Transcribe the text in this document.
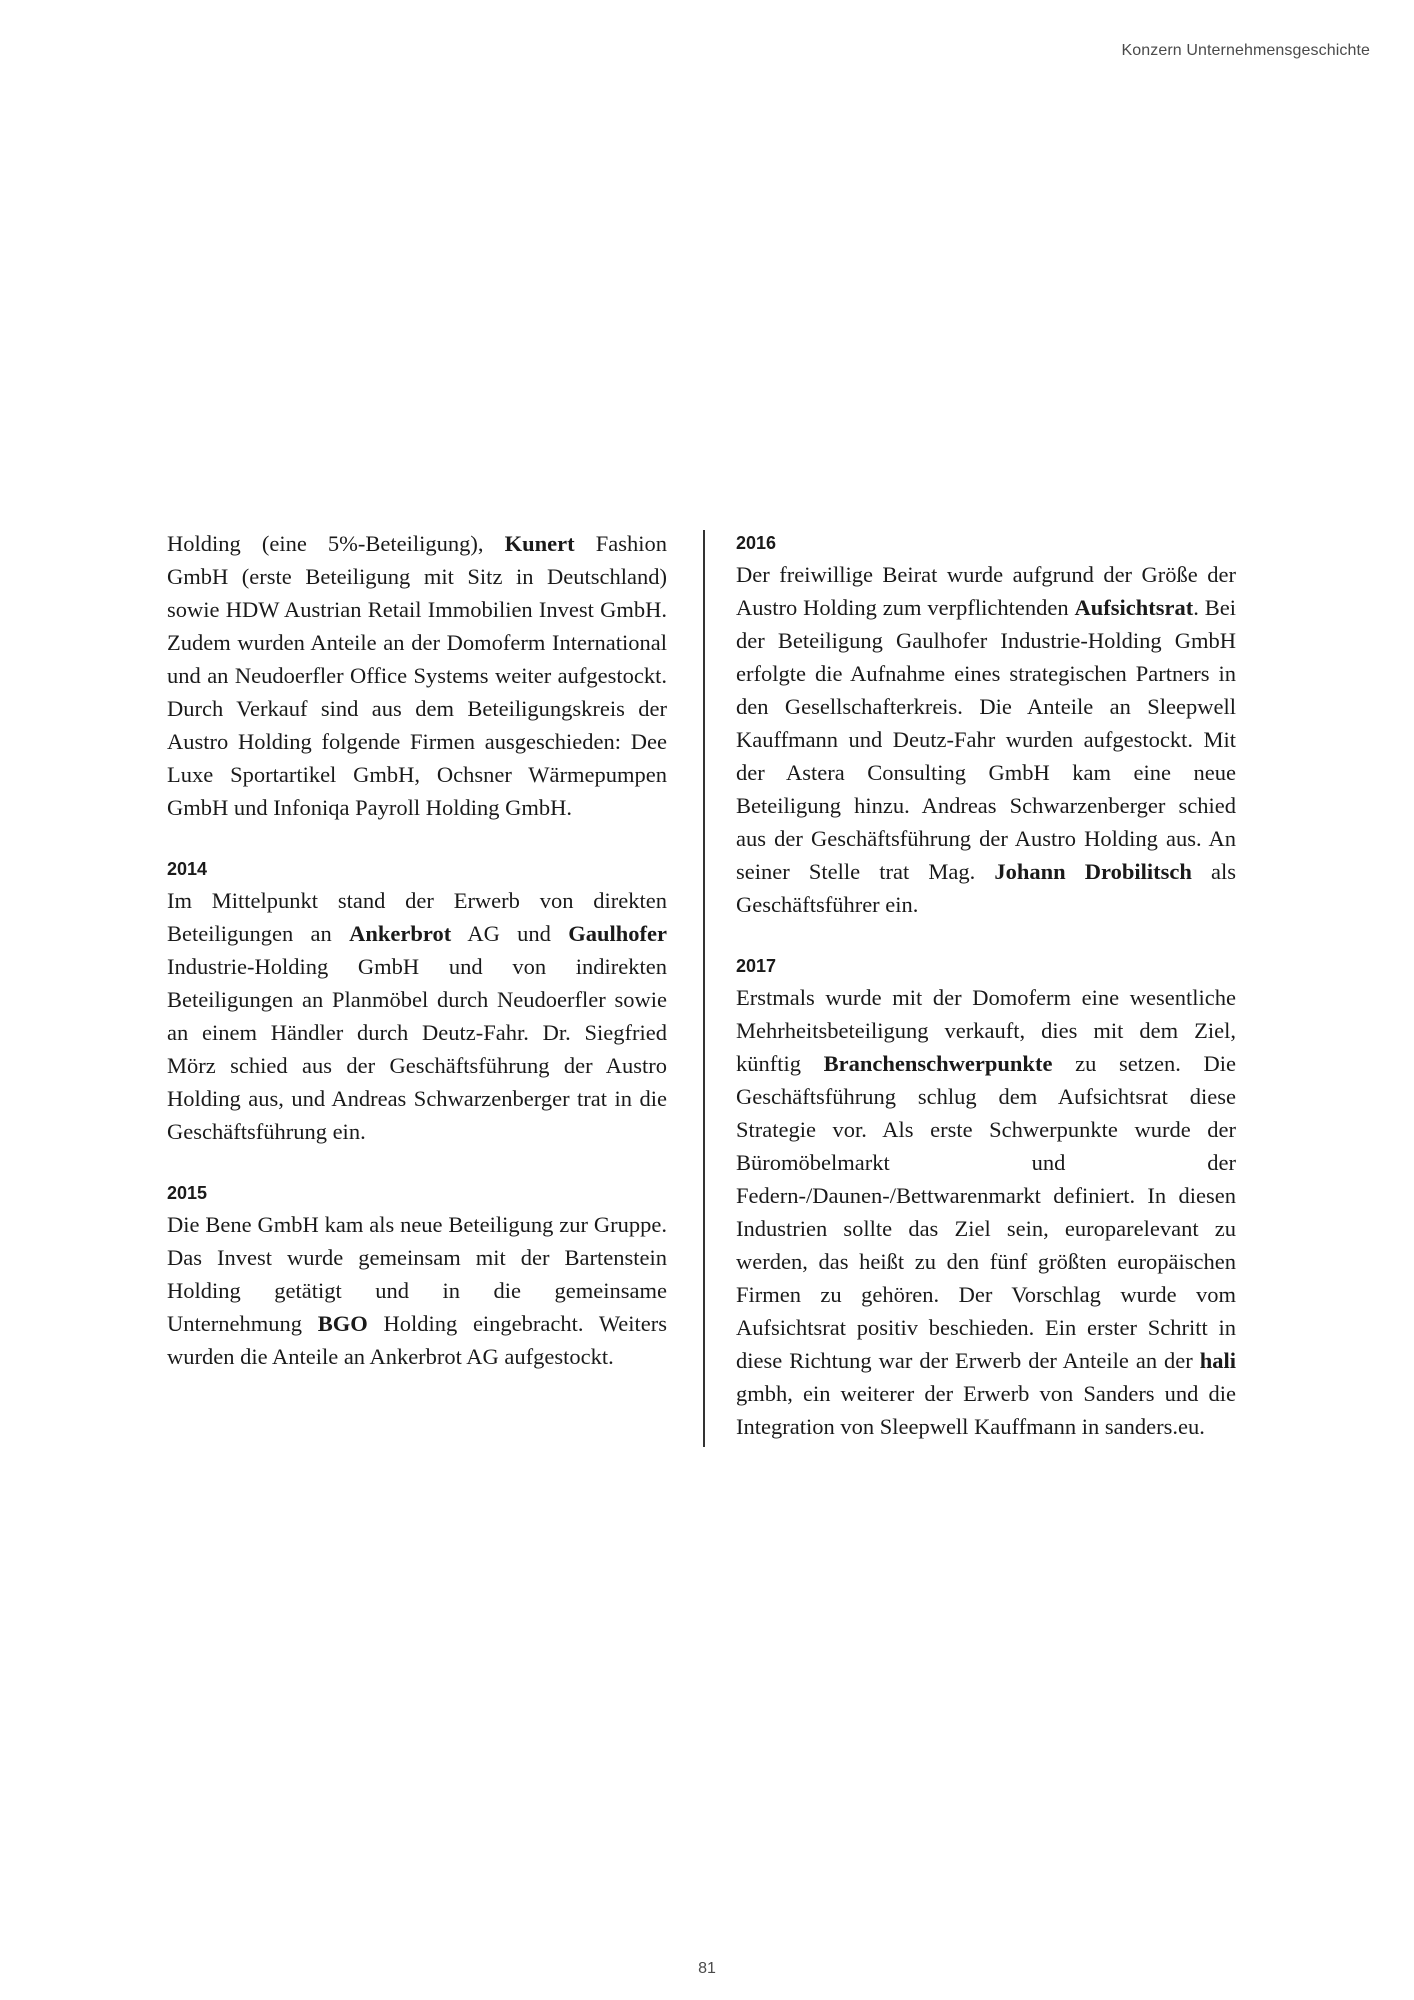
Konzern Unternehmensgeschichte

Holding (eine 5%-Beteiligung), Kunert Fashion GmbH (erste Beteiligung mit Sitz in Deutschland) sowie HDW Austrian Retail Immobilien Invest GmbH. Zudem wurden Anteile an der Domoferm International und an Neudoerfler Office Systems weiter aufgestockt. Durch Verkauf sind aus dem Beteiligungskreis der Austro Holding folgende Firmen ausgeschieden: Dee Luxe Sportartikel GmbH, Ochsner Wärmepumpen GmbH und Infoniqa Payroll Holding GmbH.

2014

Im Mittelpunkt stand der Erwerb von direkten Beteiligungen an Ankerbrot AG und Gaulhofer Industrie-Holding GmbH und von indirekten Beteiligungen an Planmöbel durch Neudoerfler sowie an einem Händler durch Deutz-Fahr. Dr. Siegfried Mörz schied aus der Geschäftsführung der Austro Holding aus, und Andreas Schwarzenberger trat in die Geschäftsführung ein.

2015

Die Bene GmbH kam als neue Beteiligung zur Gruppe. Das Invest wurde gemeinsam mit der Bartenstein Holding getätigt und in die gemeinsame Unternehmung BGO Holding eingebracht. Weiters wurden die Anteile an Ankerbrot AG aufgestockt.

2016

Der freiwillige Beirat wurde aufgrund der Größe der Austro Holding zum verpflichtenden Aufsichtsrat. Bei der Beteiligung Gaulhofer Industrie-Holding GmbH erfolgte die Aufnahme eines strategischen Partners in den Gesellschafterkreis. Die Anteile an Sleepwell Kauffmann und Deutz-Fahr wurden aufgestockt. Mit der Astera Consulting GmbH kam eine neue Beteiligung hinzu. Andreas Schwarzenberger schied aus der Geschäftsführung der Austro Holding aus. An seiner Stelle trat Mag. Johann Drobilitsch als Geschäftsführer ein.

2017

Erstmals wurde mit der Domoferm eine wesentliche Mehrheitsbeteiligung verkauft, dies mit dem Ziel, künftig Branchenschwerpunkte zu setzen. Die Geschäftsführung schlug dem Aufsichtsrat diese Strategie vor. Als erste Schwerpunkte wurde der Büromöbelmarkt und der Federn-/Daunen-/Bettwarenmarkt definiert. In diesen Industrien sollte das Ziel sein, europarelevant zu werden, das heißt zu den fünf größten europäischen Firmen zu gehören. Der Vorschlag wurde vom Aufsichtsrat positiv beschieden. Ein erster Schritt in diese Richtung war der Erwerb der Anteile an der hali gmbh, ein weiterer der Erwerb von Sanders und die Integration von Sleepwell Kauffmann in sanders.eu.

81
